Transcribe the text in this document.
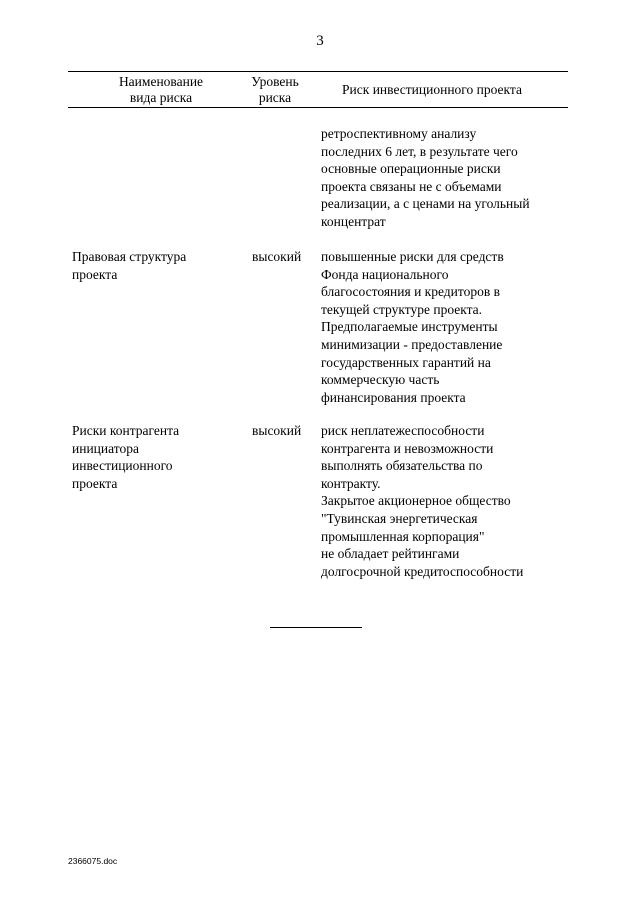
3
Наименование
вида риска
Уровень
риска
Риск инвестиционного проекта
ретроспективному анализу
последних 6 лет, в результате чего
основные операционные риски
проекта связаны не с объемами
реализации, а с ценами на угольный
концентрат
Правовая структура
проекта
высокий	повышенные риски для средств
Фонда национального
благосостояния и кредиторов в
текущей структуре проекта.
Предполагаемые инструменты
минимизации - предоставление
государственных гарантий на
коммерческую часть
финансирования проекта
Риски контрагента
инициатора
инвестиционного
проекта
высокий	риск неплатежеспособности
контрагента и невозможности
выполнять обязательства по
контракту.
Закрытое акционерное общество
"Тувинская энергетическая
промышленная корпорация"
не обладает рейтингами
долгосрочной кредитоспособности
2366075.doc
